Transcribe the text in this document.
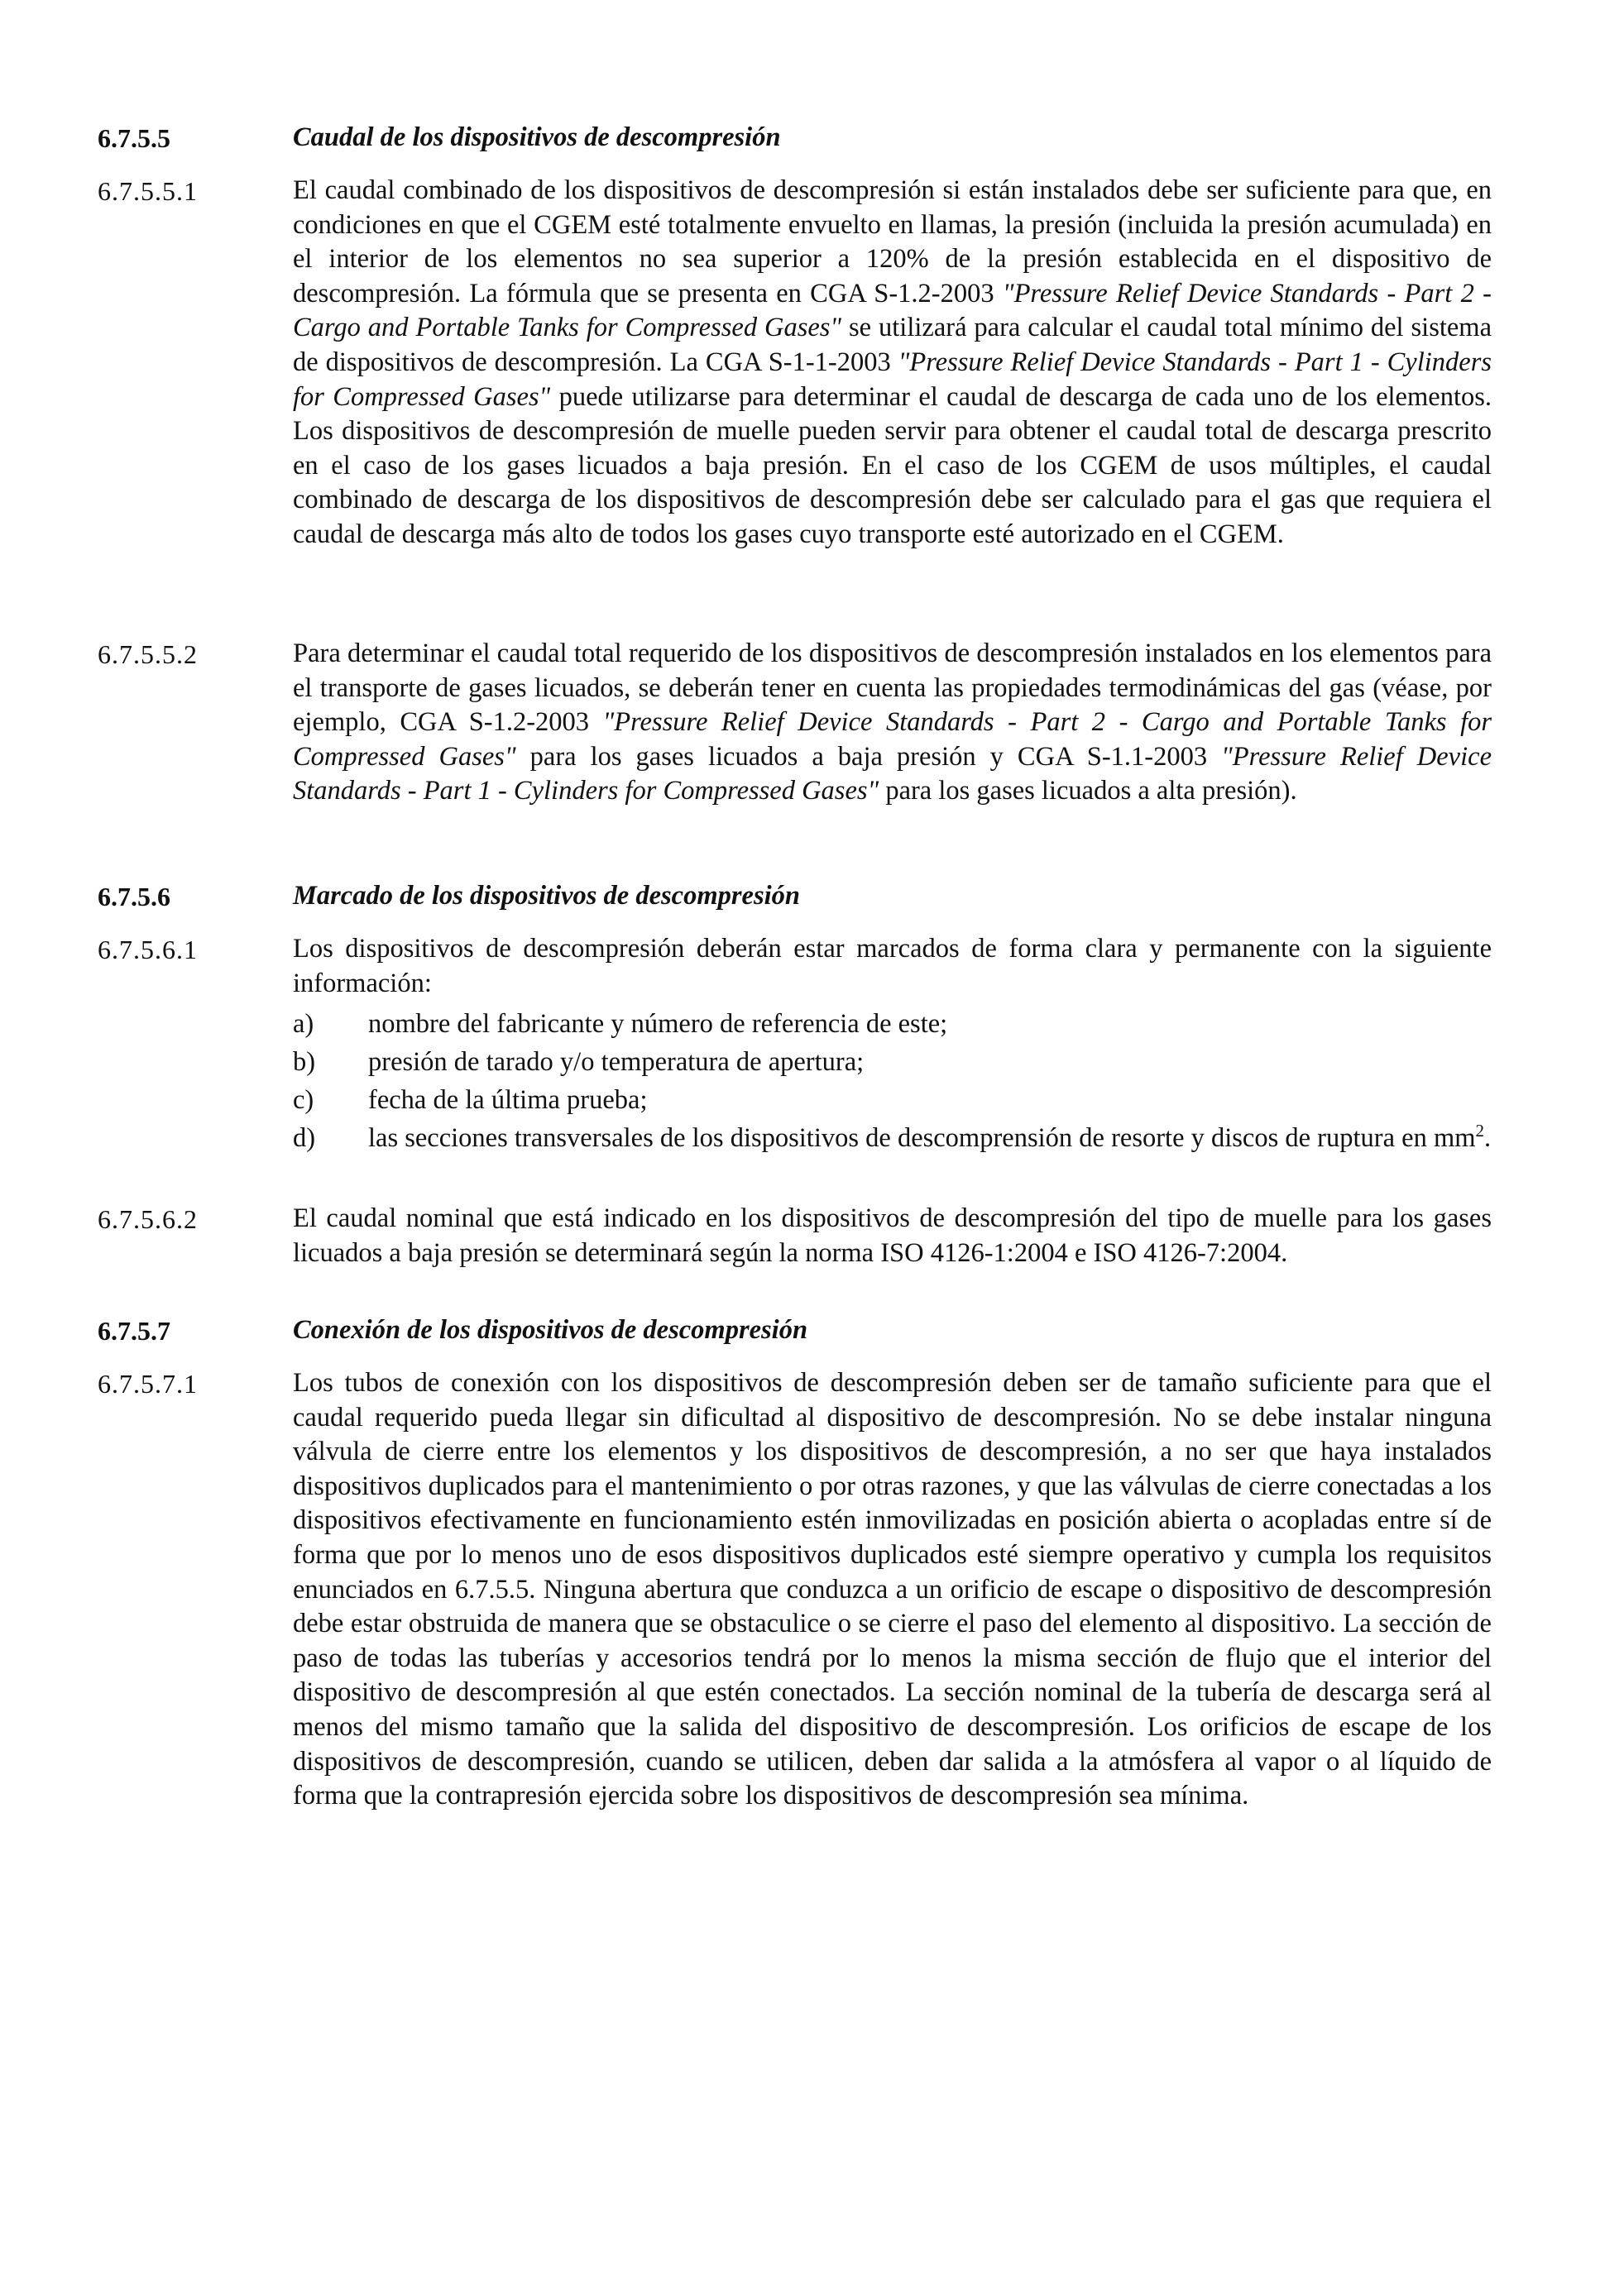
6.7.5.5	Caudal de los dispositivos de descompresión
6.7.5.5.1	El caudal combinado de los dispositivos de descompresión si están instalados debe ser suficiente para que, en condiciones en que el CGEM esté totalmente envuelto en llamas, la presión (incluida la presión acumulada) en el interior de los elementos no sea superior a 120% de la presión establecida en el dispositivo de descompresión. La fórmula que se presenta en CGA S-1.2-2003 "Pressure Relief Device Standards - Part 2 - Cargo and Portable Tanks for Compressed Gases" se utilizará para calcular el caudal total mínimo del sistema de dispositivos de descompresión. La CGA S-1-1-2003 "Pressure Relief Device Standards - Part 1 - Cylinders for Compressed Gases" puede utilizarse para determinar el caudal de descarga de cada uno de los elementos. Los dispositivos de descompresión de muelle pueden servir para obtener el caudal total de descarga prescrito en el caso de los gases licuados a baja presión. En el caso de los CGEM de usos múltiples, el caudal combinado de descarga de los dispositivos de descompresión debe ser calculado para el gas que requiera el caudal de descarga más alto de todos los gases cuyo transporte esté autorizado en el CGEM.
6.7.5.5.2	Para determinar el caudal total requerido de los dispositivos de descompresión instalados en los elementos para el transporte de gases licuados, se deberán tener en cuenta las propiedades termodinámicas del gas (véase, por ejemplo, CGA S-1.2-2003 "Pressure Relief Device Standards - Part 2 - Cargo and Portable Tanks for Compressed Gases" para los gases licuados a baja presión y CGA S-1.1-2003 "Pressure Relief Device Standards - Part 1 - Cylinders for Compressed Gases" para los gases licuados a alta presión).
6.7.5.6	Marcado de los dispositivos de descompresión
6.7.5.6.1	Los dispositivos de descompresión deberán estar marcados de forma clara y permanente con la siguiente información:
a)	nombre del fabricante y número de referencia de este;
b)	presión de tarado y/o temperatura de apertura;
c)	fecha de la última prueba;
d)	las secciones transversales de los dispositivos de descomprensión de resorte y discos de ruptura en $mm^2$.
6.7.5.6.2	El caudal nominal que está indicado en los dispositivos de descompresión del tipo de muelle para los gases licuados a baja presión se determinará según la norma ISO 4126-1:2004 e ISO 4126-7:2004.
6.7.5.7	Conexión de los dispositivos de descompresión
6.7.5.7.1	Los tubos de conexión con los dispositivos de descompresión deben ser de tamaño suficiente para que el caudal requerido pueda llegar sin dificultad al dispositivo de descompresión. No se debe instalar ninguna válvula de cierre entre los elementos y los dispositivos de descompresión, a no ser que haya instalados dispositivos duplicados para el mantenimiento o por otras razones, y que las válvulas de cierre conectadas a los dispositivos efectivamente en funcionamiento estén inmovilizadas en posición abierta o acopladas entre sí de forma que por lo menos uno de esos dispositivos duplicados esté siempre operativo y cumpla los requisitos enunciados en 6.7.5.5. Ninguna abertura que conduzca a un orificio de escape o dispositivo de descompresión debe estar obstruida de manera que se obstaculice o se cierre el paso del elemento al dispositivo. La sección de paso de todas las tuberías y accesorios tendrá por lo menos la misma sección de flujo que el interior del dispositivo de descompresión al que estén conectados. La sección nominal de la tubería de descarga será al menos del mismo tamaño que la salida del dispositivo de descompresión. Los orificios de escape de los dispositivos de descompresión, cuando se utilicen, deben dar salida a la atmósfera al vapor o al líquido de forma que la contrapresión ejercida sobre los dispositivos de descompresión sea mínima.
